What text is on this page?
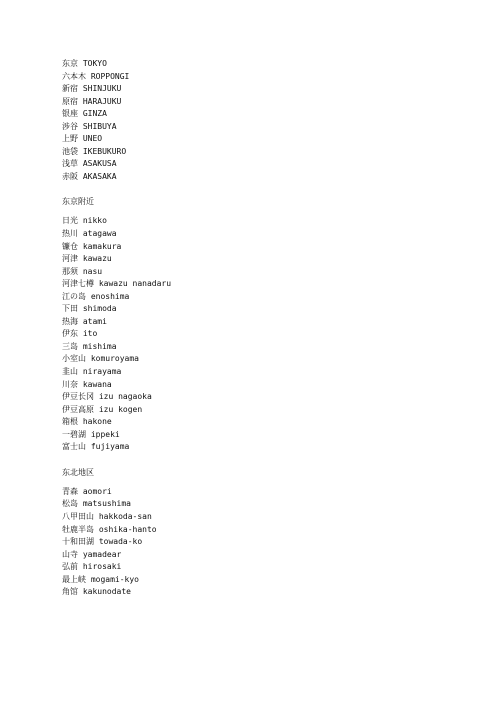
东京 TOKYO
六本木 ROPPONGI
新宿 SHINJUKU
原宿 HARAJUKU
银座 GINZA
涉谷 SHIBUYA
上野 UNEO
池袋 IKEBUKURO
浅草 ASAKUSA
赤阪 AKASAKA
东京附近
日光 nikko
热川 atagawa
镰仓 kamakura
河津 kawazu
那须 nasu
河津七樽 kawazu nanadaru
江の岛 enoshima
下田 shimoda
热海 atami
伊东 ito
三岛 mishima
小室山 komuroyama
韭山 nirayama
川奈 kawana
伊豆长冈 izu nagaoka
伊豆高原 izu kogen
箱根 hakone
一碧湖 ippeki
富士山 fujiyama
东北地区
青森 aomori
松岛 matsushima
八甲田山 hakkoda-san
牡鹿半岛 oshika-hanto
十和田湖 towada-ko
山寺 yamadear
弘前 hirosaki
最上峡 mogami-kyo
角馆 kakunodate
